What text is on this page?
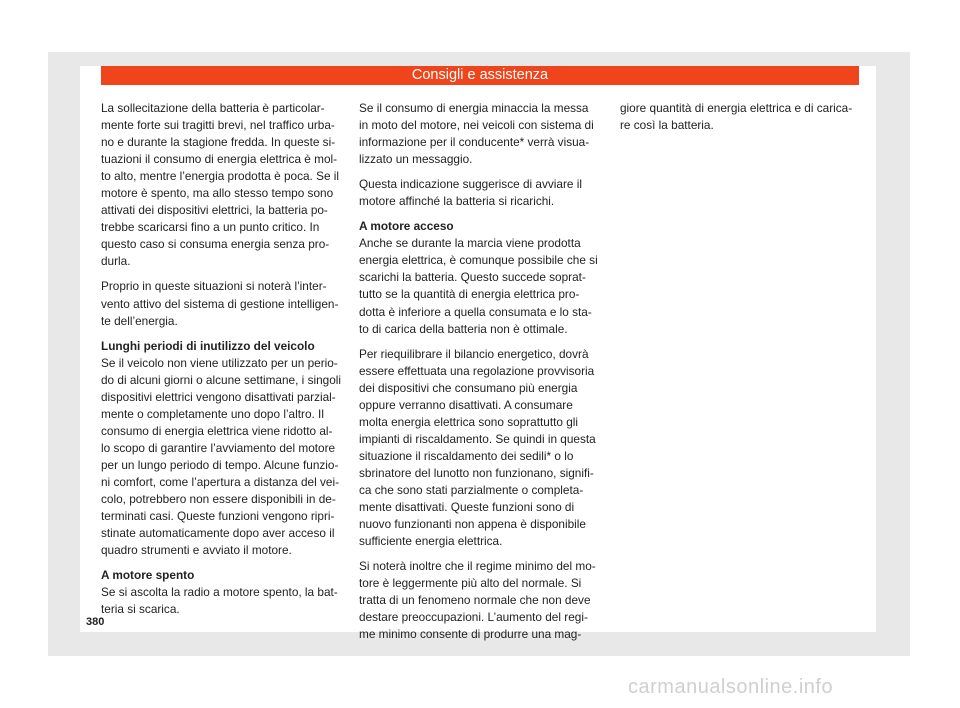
Consigli e assistenza

La sollecitazione della batteria è particolar-
mente forte sui tragitti brevi, nel traffico urba-
no e durante la stagione fredda. In queste si-
tuazioni il consumo di energia elettrica è mol-
to alto, mentre l’energia prodotta è poca. Se il
motore è spento, ma allo stesso tempo sono
attivati dei dispositivi elettrici, la batteria po-
trebbe scaricarsi fino a un punto critico. In
questo caso si consuma energia senza pro-
durla.

Proprio in queste situazioni si noterà l’inter-
vento attivo del sistema di gestione intelligen-
te dell’energia.

Lunghi periodi di inutilizzo del veicolo

Se il veicolo non viene utilizzato per un perio-
do di alcuni giorni o alcune settimane, i singoli
dispositivi elettrici vengono disattivati parzial-
mente o completamente uno dopo l’altro. Il
consumo di energia elettrica viene ridotto al-
lo scopo di garantire l’avviamento del motore
per un lungo periodo di tempo. Alcune funzio-
ni comfort, come l’apertura a distanza del vei-
colo, potrebbero non essere disponibili in de-
terminati casi. Queste funzioni vengono ripri-
stinate automaticamente dopo aver acceso il
quadro strumenti e avviato il motore.

A motore spento

Se si ascolta la radio a motore spento, la bat-
teria si scarica.

Se il consumo di energia minaccia la messa
in moto del motore, nei veicoli con sistema di
informazione per il conducente* verrà visua-
lizzato un messaggio.

Questa indicazione suggerisce di avviare il
motore affinché la batteria si ricarichi.

A motore acceso

Anche se durante la marcia viene prodotta
energia elettrica, è comunque possibile che si
scarichi la batteria. Questo succede soprat-
tutto se la quantità di energia elettrica pro-
dotta è inferiore a quella consumata e lo sta-
to di carica della batteria non è ottimale.

Per riequilibrare il bilancio energetico, dovrà
essere effettuata una regolazione provvisoria
dei dispositivi che consumano più energia
oppure verranno disattivati. A consumare
molta energia elettrica sono soprattutto gli
impianti di riscaldamento. Se quindi in questa
situazione il riscaldamento dei sedili* o lo
sbrinatore del lunotto non funzionano, signifi-
ca che sono stati parzialmente o completa-
mente disattivati. Queste funzioni sono di
nuovo funzionanti non appena è disponibile
sufficiente energia elettrica.

Si noterà inoltre che il regime minimo del mo-
tore è leggermente più alto del normale. Si
tratta di un fenomeno normale che non deve
destare preoccupazioni. L’aumento del regi-
me minimo consente di produrre una mag-

giore quantità di energia elettrica e di carica-
re così la batteria.

380
carmanualsonline.info
